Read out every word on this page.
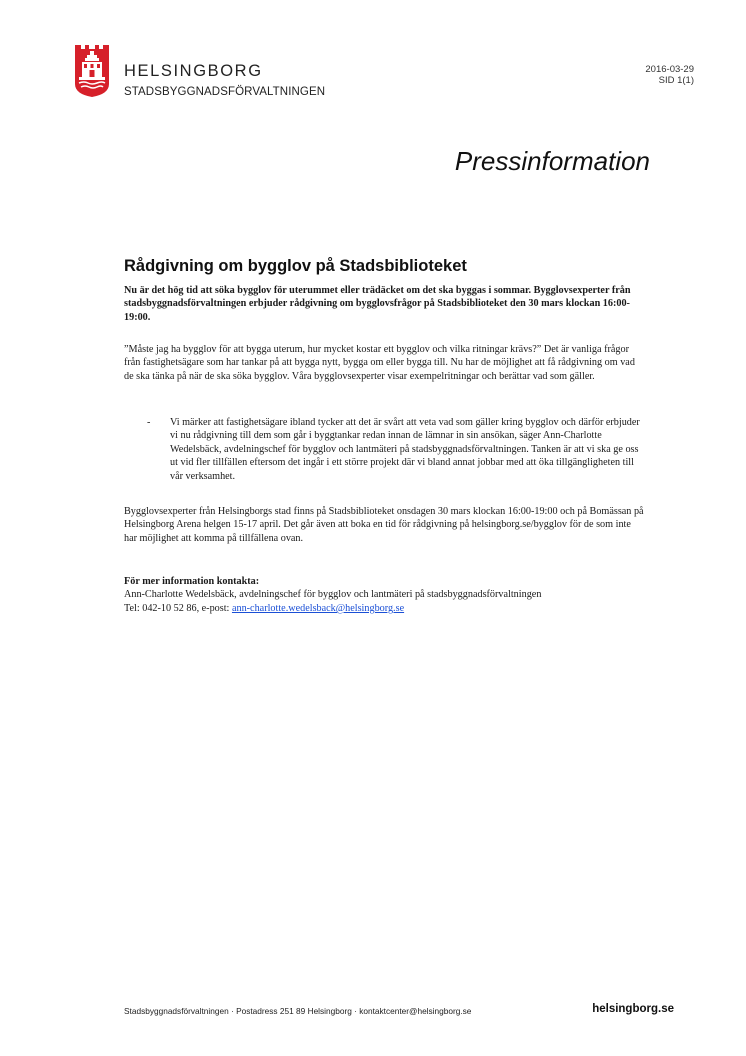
HELSINGBORG
STADSBYGGNADSFÖRVALTNINGEN
2016-03-29
SID 1(1)
Pressinformation
Rådgivning om bygglov på Stadsbiblioteket

Nu är det hög tid att söka bygglov för uterummet eller trädäcket om det ska byggas i sommar. Bygglovsexperter från stadsbyggnadsförvaltningen erbjuder rådgivning om bygglovsfrågor på Stadsbiblioteket den 30 mars klockan 16:00-19:00.

”Måste jag ha bygglov för att bygga uterum, hur mycket kostar ett bygglov och vilka ritningar krävs?” Det är vanliga frågor från fastighetsägare som har tankar på att bygga nytt, bygga om eller bygga till. Nu har de möjlighet att få rådgivning om vad de ska tänka på när de ska söka bygglov. Våra bygglovsexperter visar exempelritningar och berättar vad som gäller.

- Vi märker att fastighetsägare ibland tycker att det är svårt att veta vad som gäller kring bygglov och därför erbjuder vi nu rådgivning till dem som går i byggtankar redan innan de lämnar in sin ansökan, säger Ann-Charlotte Wedelsbäck, avdelningschef för bygglov och lantmäteri på stadsbyggnadsförvaltningen. Tanken är att vi ska ge oss ut vid fler tillfällen eftersom det ingår i ett större projekt där vi bland annat jobbar med att öka tillgängligheten till vår verksamhet.

Bygglovsexperter från Helsingborgs stad finns på Stadsbiblioteket onsdagen 30 mars klockan 16:00-19:00 och på Bomässan på Helsingborg Arena helgen 15-17 april. Det går även att boka en tid för rådgivning på helsingborg.se/bygglov för de som inte har möjlighet att komma på tillfällena ovan.

För mer information kontakta:
Ann-Charlotte Wedelsbäck, avdelningschef för bygglov och lantmäteri på stadsbyggnadsförvaltningen
Tel: 042-10 52 86, e-post: ann-charlotte.wedelsback@helsingborg.se
Stadsbyggnadsförvaltningen · Postadress 251 89 Helsingborg · kontaktcenter@helsingborg.se	helsingborg.se
